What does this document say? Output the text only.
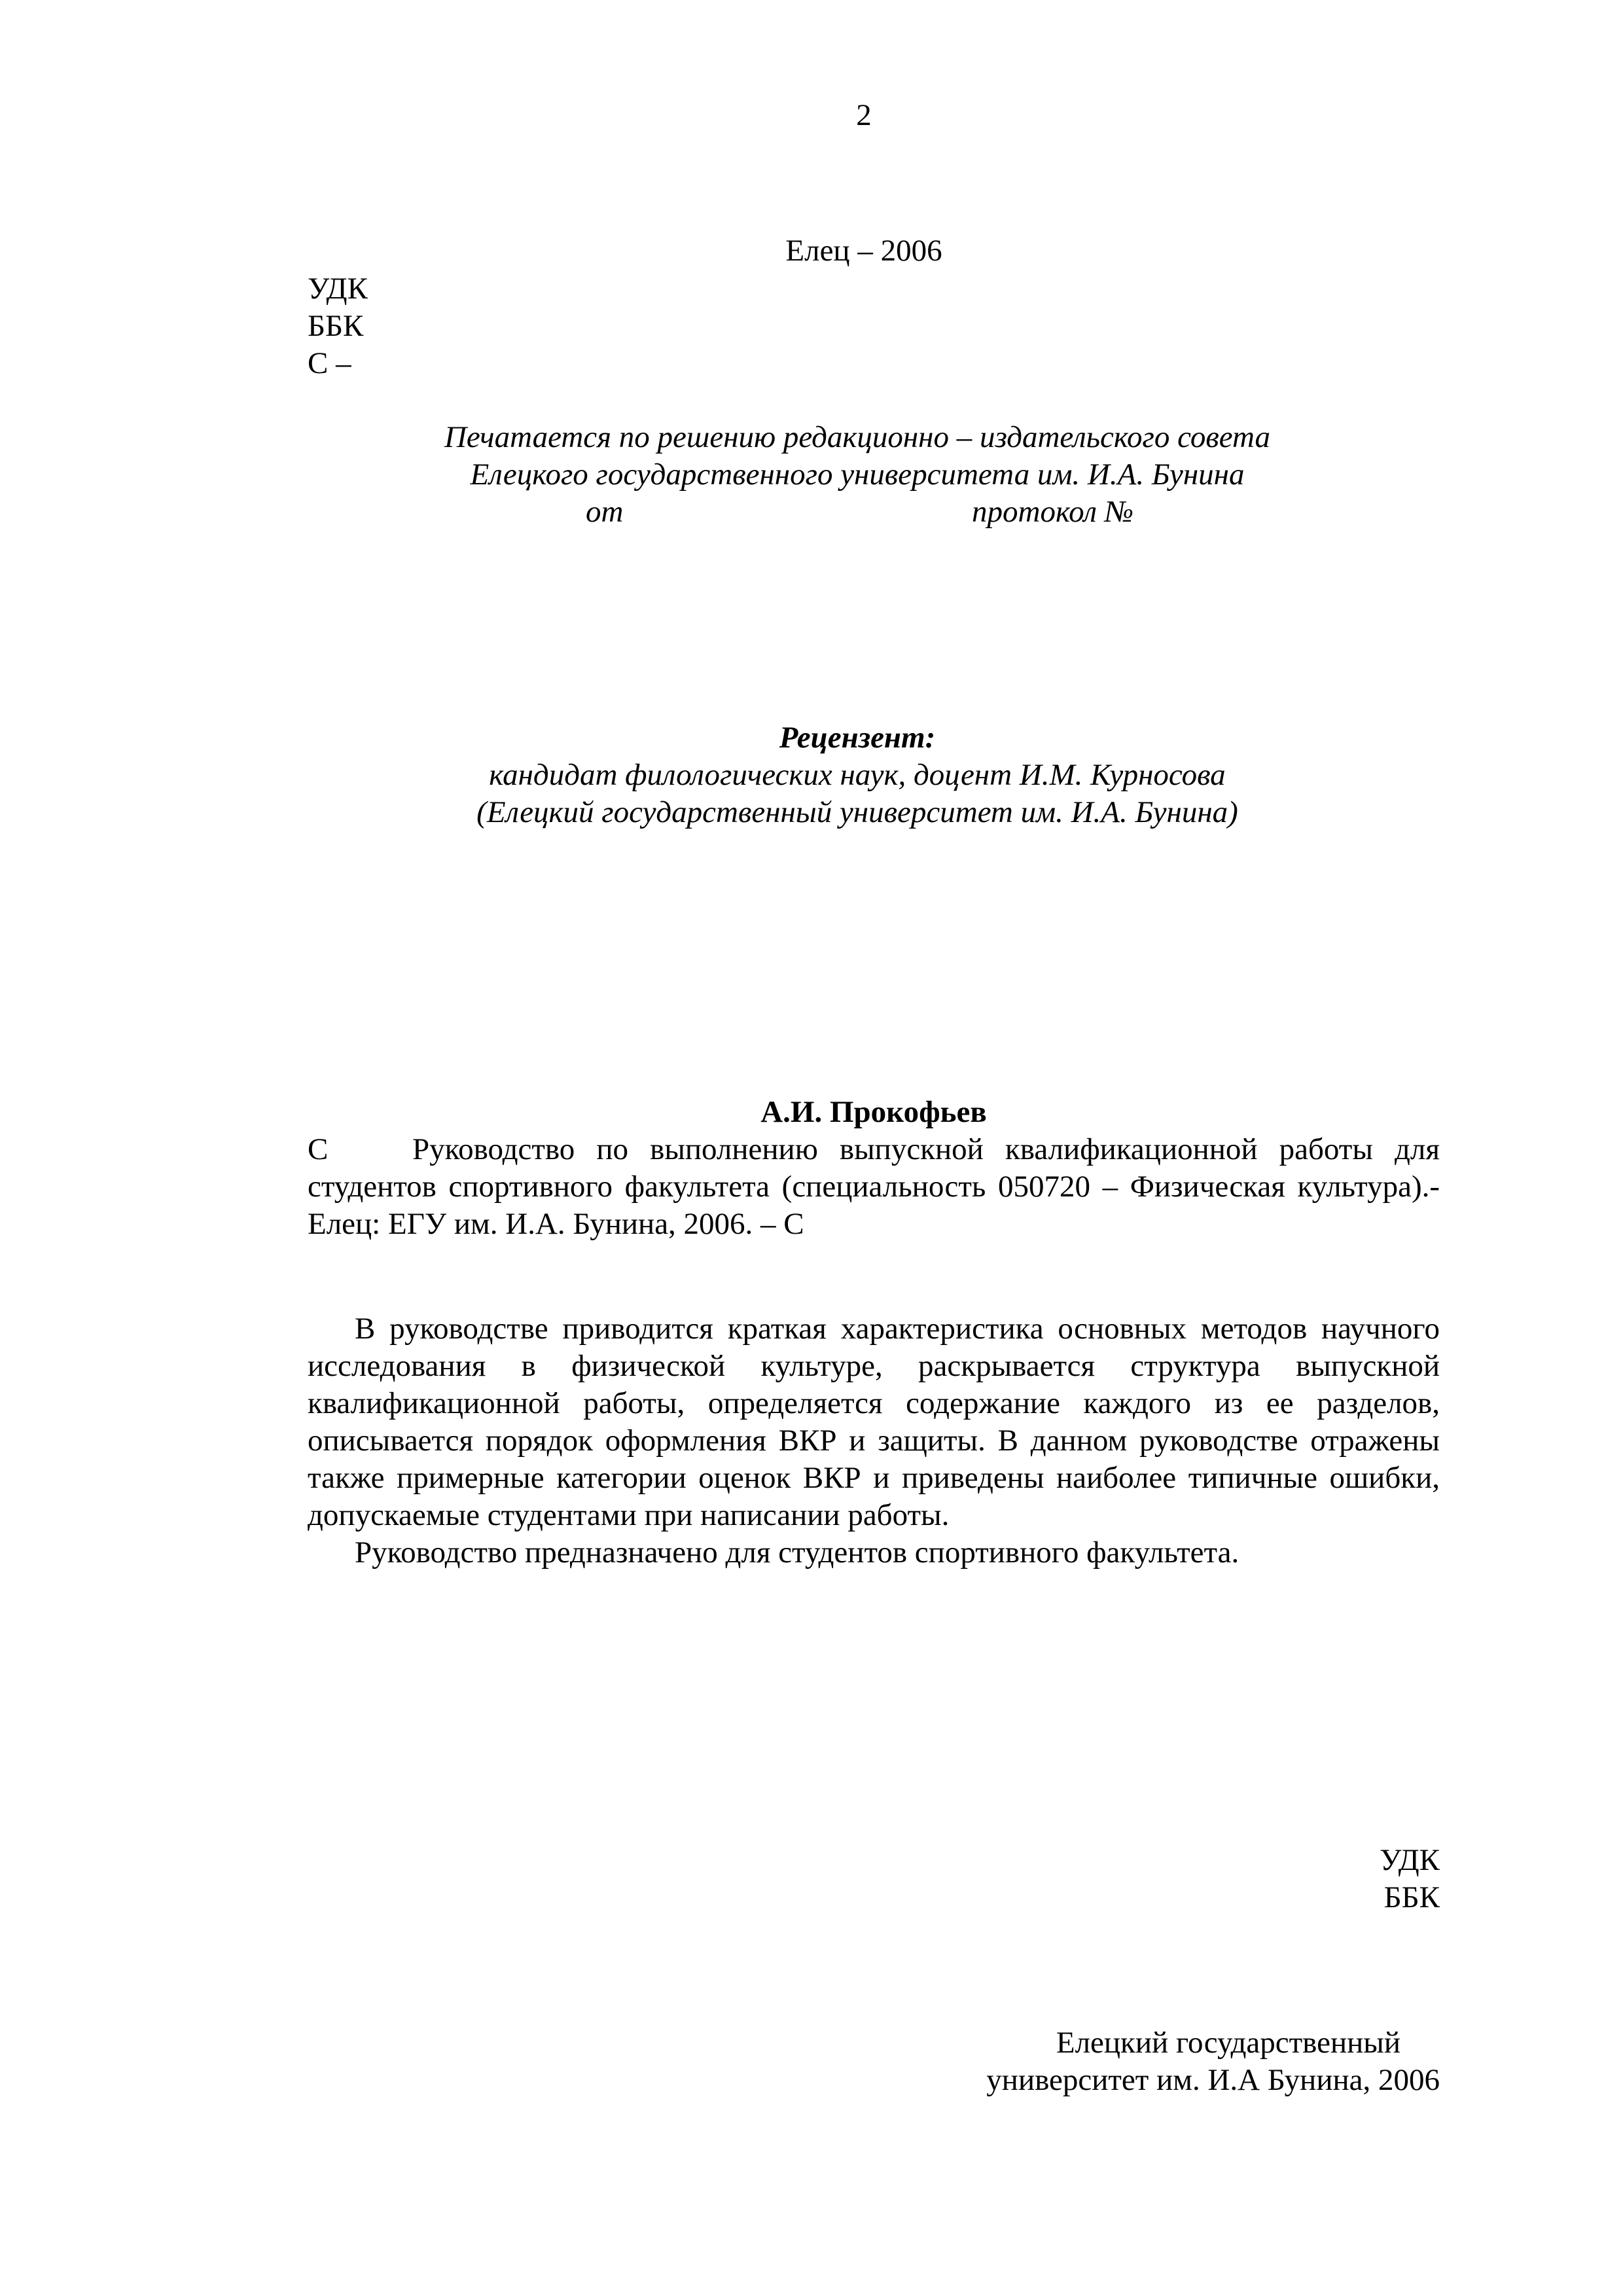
2
Елец – 2006
УДК
ББК
С –
Печатается по решению редакционно – издательского совета
Елецкого государственного университета им. И.А. Бунина
от	протокол №
Рецензент:
кандидат филологических наук, доцент И.М. Курносова
(Елецкий государственный университет им. И.А. Бунина)
А.И. Прокофьев
С	Руководство по выполнению выпускной квалификационной работы для студентов спортивного факультета (специальность 050720 – Физическая культура).- Елец: ЕГУ им. И.А. Бунина, 2006. – С

В руководстве приводится краткая характеристика основных методов научного исследования в физической культуре, раскрывается структура выпускной квалификационной работы, определяется содержание каждого из ее разделов, описывается порядок оформления ВКР и защиты. В данном руководстве отражены также примерные категории оценок ВКР и приведены наиболее типичные ошибки, допускаемые студентами при написании работы.

Руководство предназначено для студентов спортивного факультета.

УДК
ББК
Елецкий государственный
университет им. И.А Бунина, 2006
